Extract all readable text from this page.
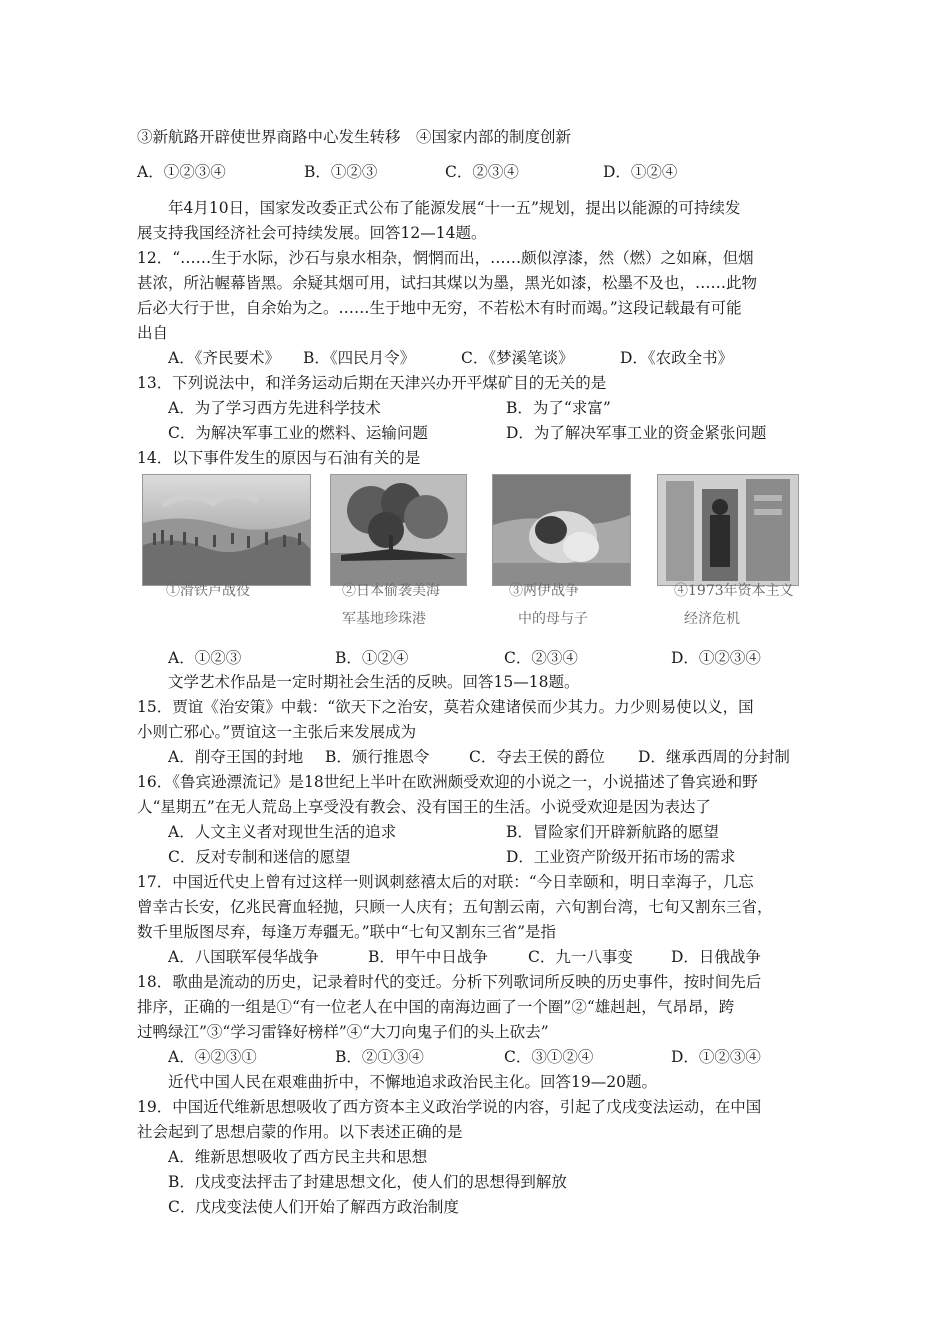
③新航路开辟使世界商路中心发生转移　④国家内部的制度创新
A．①②③④	B．①②③	C．②③④	D．①②④
年4月10日，国家发改委正式公布了能源发展“十一五”规划，提出以能源的可持续发
展支持我国经济社会可持续发展。回答12—14题。
12．“……生于水际，沙石与泉水相杂，惘惘而出，……颇似淳漆，然（燃）之如麻，但烟
甚浓，所沾幄幕皆黑。余疑其烟可用，试扫其煤以为墨，黑光如漆，松墨不及也，……此物
后必大行于世，自余始为之。……生于地中无穷，不若松木有时而竭。”这段记载最有可能
出自
A．《齐民要术》 B．《四民月令》	C．《梦溪笔谈》	D．《农政全书》
13．下列说法中，和洋务运动后期在天津兴办开平煤矿目的无关的是
A．为了学习西方先进科学技术	B．为了“求富”
C．为解决军事工业的燃料、运输问题	D．为了解决军事工业的资金紧张问题
14．以下事件发生的原因与石油有关的是
①滑铁卢战役	②日本偷袭美海
军基地珍珠港
③两伊战争
中的母与子
④1973年资本主义
经济危机
A．①②③	B．①②④	C．②③④	D．①②③④
文学艺术作品是一定时期社会生活的反映。回答15—18题。
15．贾谊《治安策》中载：“欲天下之治安，莫若众建诸侯而少其力。力少则易使以义，国
小则亡邪心。”贾谊这一主张后来发展成为
A．削夺王国的封地 B．颁行推恩令	C．夺去王侯的爵位 D．继承西周的分封制
16．《鲁宾逊漂流记》是18世纪上半叶在欧洲颇受欢迎的小说之一，小说描述了鲁宾逊和野
人“星期五”在无人荒岛上享受没有教会、没有国王的生活。小说受欢迎是因为表达了
A．人文主义者对现世生活的追求	B．冒险家们开辟新航路的愿望
C．反对专制和迷信的愿望	D．工业资产阶级开拓市场的需求
17．中国近代史上曾有过这样一则讽刺慈禧太后的对联：“今日幸颐和，明日幸海子，几忘
曾幸古长安，亿兆民膏血轻抛，只顾一人庆有；五旬割云南，六旬割台湾，七旬又割东三省，
数千里版图尽弃，每逢万寿疆无。”联中“七旬又割东三省”是指
A．八国联军侵华战争	B．甲午中日战争	C．九一八事变 D．日俄战争
18．歌曲是流动的历史，记录着时代的变迁。分析下列歌词所反映的历史事件，按时间先后
排序，正确的一组是①“有一位老人在中国的南海边画了一个圈”②“雄赳赳，气昂昂，跨
过鸭绿江”③“学习雷锋好榜样”④“大刀向鬼子们的头上砍去”
A．④②③①	B．②①③④	C．③①②④	D．①②③④
近代中国人民在艰难曲折中，不懈地追求政治民主化。回答19—20题。
19．中国近代维新思想吸收了西方资本主义政治学说的内容，引起了戊戌变法运动，在中国
社会起到了思想启蒙的作用。以下表述正确的是
A．维新思想吸收了西方民主共和思想
B．戊戌变法抨击了封建思想文化，使人们的思想得到解放
C．戊戌变法使人们开始了解西方政治制度
